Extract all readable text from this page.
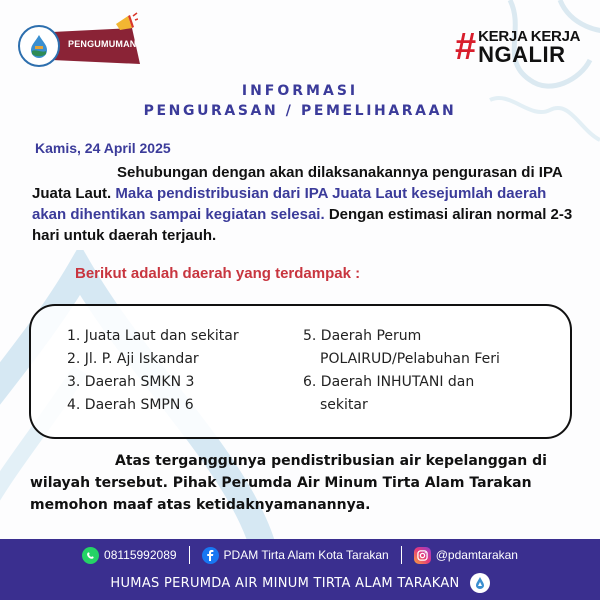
PENGUMUMAN	# KERJA KERJA
NGALIR
INFORMASI
PENGURASAN / PEMELIHARAAN
Kamis, 24 April 2025
Sehubungan dengan akan dilaksanakannya pengurasan di IPA Juata Laut. Maka pendistribusian dari IPA Juata Laut kesejumlah daerah akan dihentikan sampai kegiatan selesai. Dengan estimasi aliran normal 2-3 hari untuk daerah terjauh.
Berikut adalah daerah yang terdampak :
1. Juata Laut dan sekitar
2. Jl. P. Aji Iskandar
3. Daerah SMKN 3
4. Daerah SMPN 6
5. Daerah Perum
POLAIRUD/Pelabuhan Feri
6. Daerah INHUTANI dan
sekitar
Atas terganggunya pendistribusian air kepelanggan di wilayah tersebut. Pihak Perumda Air Minum Tirta Alam Tarakan memohon maaf atas ketidaknyamanannya.
08115992089	PDAM Tirta Alam Kota Tarakan	@pdamtarakan
HUMAS PERUMDA AIR MINUM TIRTA ALAM TARAKAN
